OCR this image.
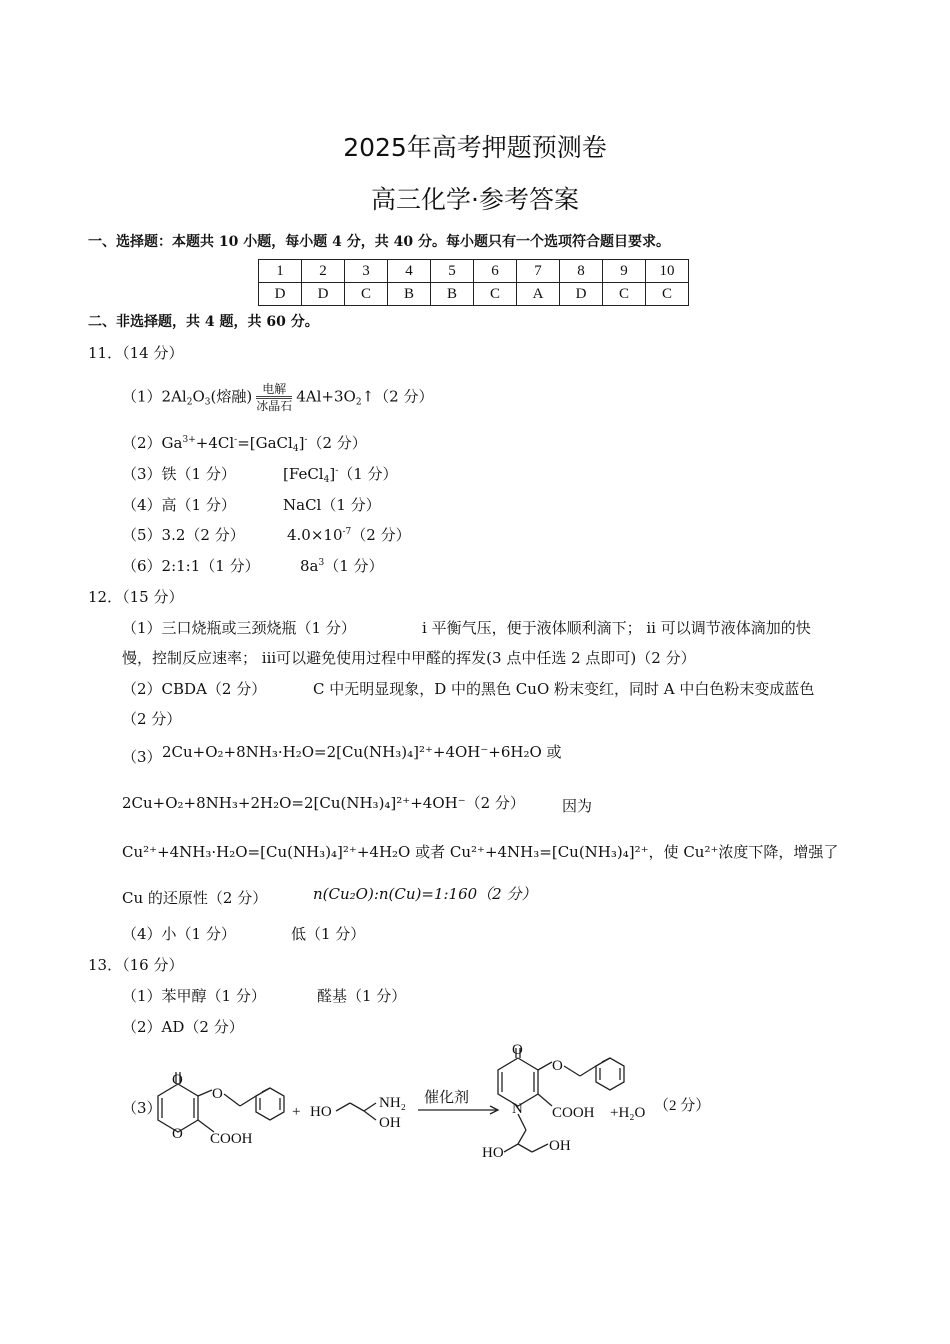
2025年高考押题预测卷
高三化学·参考答案
一、选择题：本题共 10 小题，每小题 4 分，共 40 分。每小题只有一个选项符合题目要求。
1	2	3	4	5	6	7	8	9	10
D	D	C	B	B	C	A	D	C	C
二、非选择题，共 4 题，共 60 分。
11．（14 分）
$(1)2Al_2O_3$(熔融) $\frac{\text{电解}}{\text{冰晶石}}$ $4Al+3O_2↑(2$ 分）
$(2)Ga^{3+}+4Cl^-=[GaCl_4]^-(2$ 分）
（3）铁（1 分）	[FeCl$_4$]-（1 分）
（4）高（1 分）	NaCl（1 分）
（5）3.2（2 分）	$4.0\times 10^{-7}(2$ 分）
（6）2:1:1（1 分）	$8a^3(1$ 分）
12．（15 分）
（1）三口烧瓶或三颈烧瓶（1 分）	i 平衡气压，便于液体顺利滴下； ii 可以调节液体滴加的快
慢，控制反应速率； iii可以避免使用过程中甲醛的挥发(3 点中任选 2 点即可)（2 分）
（2）CBDA（2 分）	C 中无明显现象，D 中的黑色 CuO 粉末变红，同时 A 中白色粉末变成蓝色
（2 分）
（3） 2Cu+O₂+8NH₃·H₂O=2[Cu(NH₃)₄]²⁺+4OH⁻+6H₂O 或
2Cu+O₂+8NH₃+2H₂O=2[Cu(NH₃)₄]²⁺+4OH⁻（2 分） 因为
Cu²⁺+4NH₃·H₂O=[Cu(NH₃)₄]²⁺+4H₂O 或者 Cu²⁺+4NH₃=[Cu(NH₃)₄]²⁺，使 Cu²⁺浓度下降，增强了
Cu 的还原性（2 分）	n(Cu₂O):n(Cu)=1:160（2 分）
（4）小（1 分）	低（1 分）
13．（16 分）
（1）苯甲醇（1 分）	醛基（1 分）
（2）AD（2 分）
（3）
O
O
O COOH
+ HO
NH₂
OH
催化剂
O
O
N COOH
HO	OH
+H₂O （2 分）
